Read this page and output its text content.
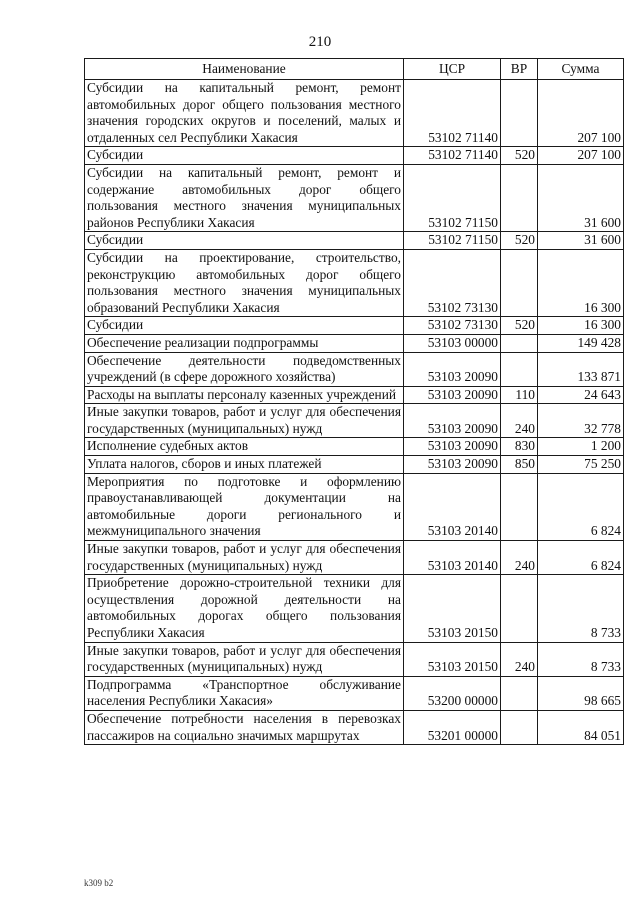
210
Наименование	ЦСР	ВР	Сумма
Субсидии на капитальный ремонт, ремонт автомобильных дорог общего пользования местного значения городских округов и поселений, малых и отдаленных сел Республики Хакасия	53102 71140		207 100
Субсидии	53102 71140	520	207 100
Субсидии на капитальный ремонт, ремонт и содержание автомобильных дорог общего пользования местного значения муниципальных районов Республики Хакасия	53102 71150		31 600
Субсидии	53102 71150	520	31 600
Субсидии на проектирование, строительство, реконструкцию автомобильных дорог общего пользования местного значения муниципальных образований Республики Хакасия	53102 73130		16 300
Субсидии	53102 73130	520	16 300
Обеспечение реализации подпрограммы	53103 00000		149 428
Обеспечение деятельности подведомственных учреждений (в сфере дорожного хозяйства)	53103 20090		133 871
Расходы на выплаты персоналу казенных учреждений	53103 20090	110	24 643
Иные закупки товаров, работ и услуг для обеспечения государственных (муниципальных) нужд	53103 20090	240	32 778
Исполнение судебных актов	53103 20090	830	1 200
Уплата налогов, сборов и иных платежей	53103 20090	850	75 250
Мероприятия по подготовке и оформлению правоустанавливающей документации на автомобильные дороги регионального и межмуниципального значения	53103 20140		6 824
Иные закупки товаров, работ и услуг для обеспечения государственных (муниципальных) нужд	53103 20140	240	6 824
Приобретение дорожно-строительной техники для осуществления дорожной деятельности на автомобильных дорогах общего пользования Республики Хакасия	53103 20150		8 733
Иные закупки товаров, работ и услуг для обеспечения государственных (муниципальных) нужд	53103 20150	240	8 733
Подпрограмма «Транспортное обслуживание населения Республики Хакасия»	53200 00000		98 665
Обеспечение потребности населения в перевозках пассажиров на социально значимых маршрутах	53201 00000		84 051
k309 b2
